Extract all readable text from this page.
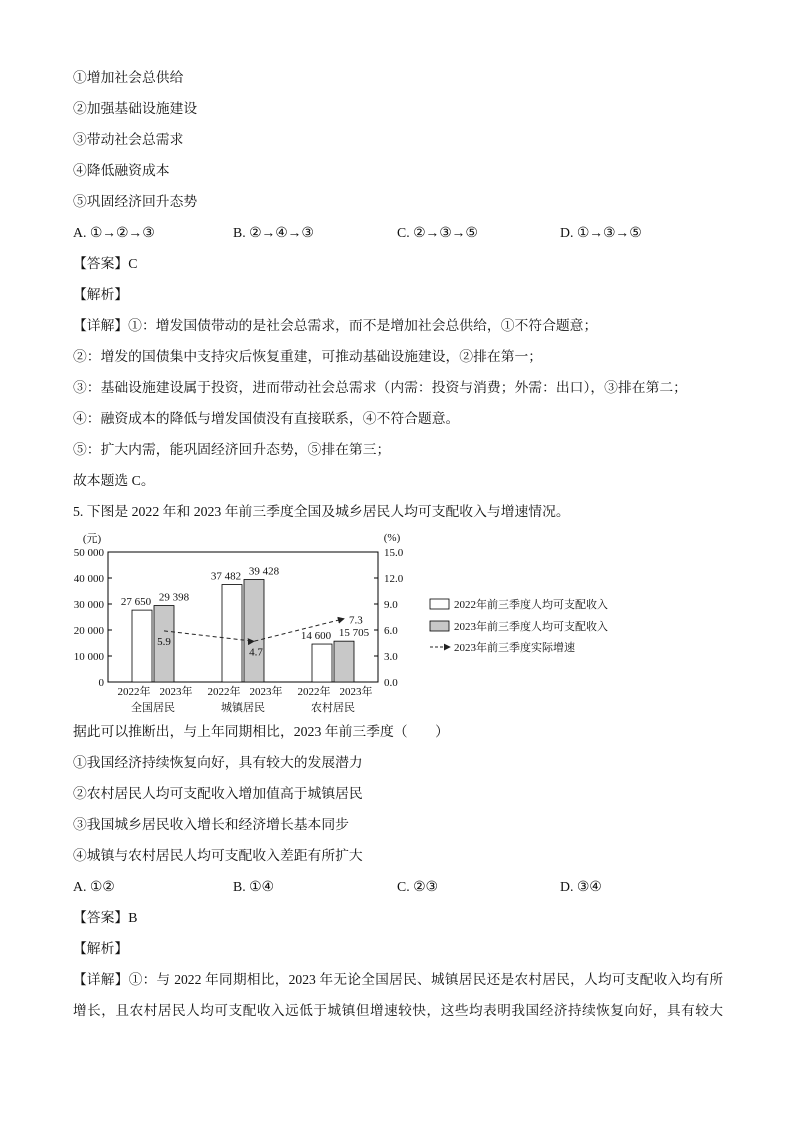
①增加社会总供给
②加强基础设施建设
③带动社会总需求
④降低融资成本
⑤巩固经济回升态势
A. ①→②→③	B. ②→④→③	C. ②→③→⑤	D. ①→③→⑤
【答案】C
【解析】
【详解】①：增发国债带动的是社会总需求，而不是增加社会总供给，①不符合题意；
②：增发的国债集中支持灾后恢复重建，可推动基础设施建设，②排在第一；
③：基础设施建设属于投资，进而带动社会总需求（内需：投资与消费；外需：出口），③排在第二；
④：融资成本的降低与增发国债没有直接联系，④不符合题意。
⑤：扩大内需，能巩固经济回升态势，⑤排在第三；
故本题选 C。
5. 下图是 2022 年和 2023 年前三季度全国及城乡居民人均可支配收入与增速情况。
0
10 000
20 000
30 000
40 000
50 000
0.0
3.0
6.0
9.0
12.0
15.0
(元)	(%)
27 650
37 482
14 600
29 398
39 428
15 705
5.9
4.7
7.3
2022年 2023年
全国居民
2022年 2023年
城镇居民
2022年 2023年
农村居民
2022年前三季度人均可支配收入
2023年前三季度人均可支配收入
2023年前三季度实际增速
据此可以推断出，与上年同期相比，2023 年前三季度（　　）
①我国经济持续恢复向好，具有较大的发展潜力
②农村居民人均可支配收入增加值高于城镇居民
③我国城乡居民收入增长和经济增长基本同步
④城镇与农村居民人均可支配收入差距有所扩大
A. ①②	B. ①④	C. ②③	D. ③④
【答案】B
【解析】
【详解】①：与 2022 年同期相比，2023 年无论全国居民、城镇居民还是农村居民，人均可支配收入均有所
增长，且农村居民人均可支配收入远低于城镇但增速较快，这些均表明我国经济持续恢复向好，具有较大
